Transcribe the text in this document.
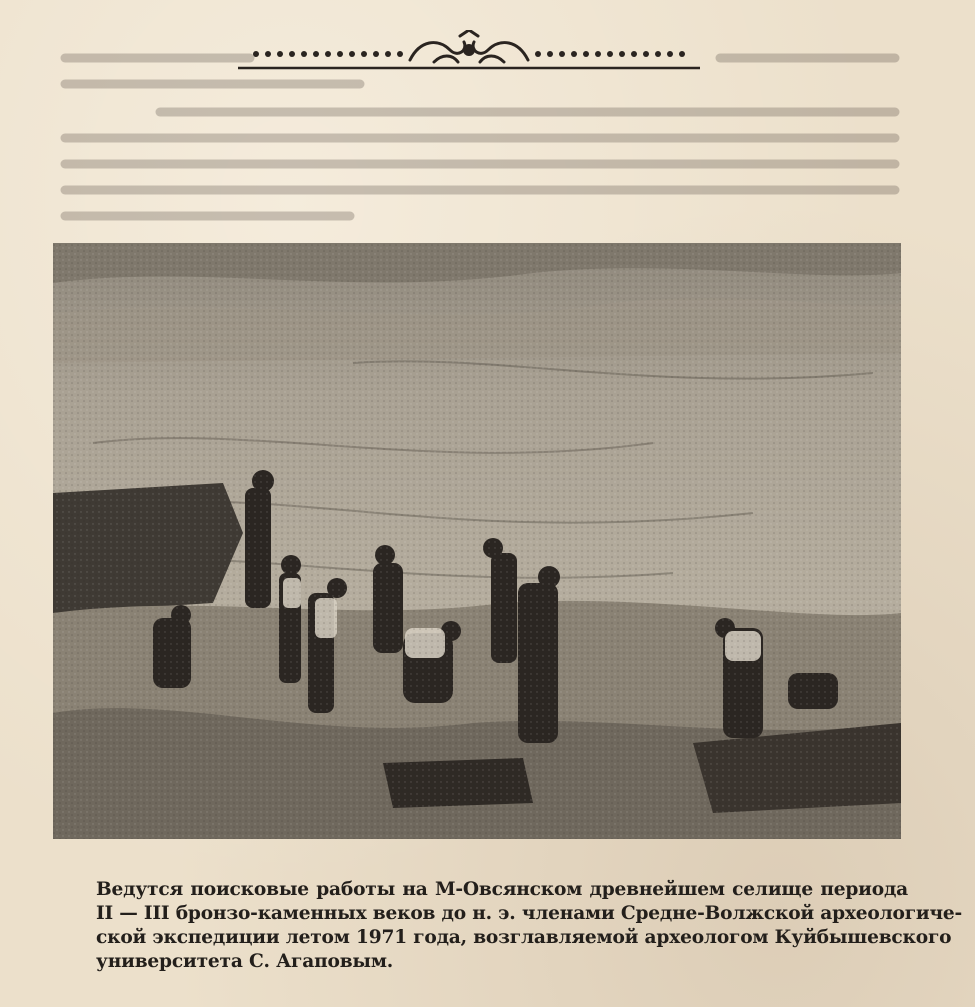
Ведутся поисковые работы на М-Овсянском древнейшем селище периода
II — III бронзо-каменных веков до н. э. членами Средне-Волжской археологиче-
ской экспедиции летом 1971 года, возглавляемой археологом Куйбышевского
университета С. Агаповым.
